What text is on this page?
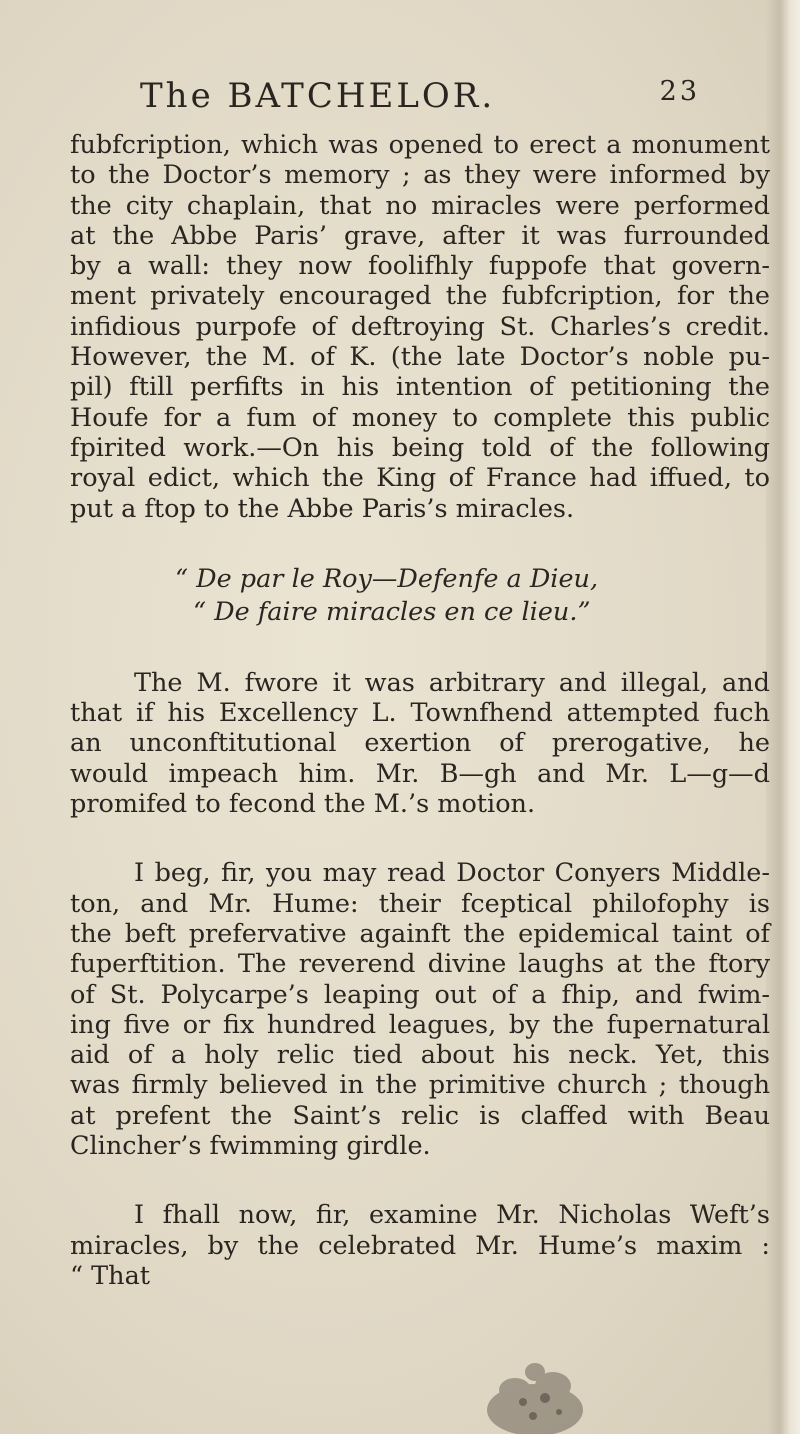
The BATCHELOR.	23
fubfcription, which was opened to erect a monument
to the Doctor’s memory ; as they were informed by
the city chaplain, that no miracles were performed
at the Abbe Paris’ grave, after it was furrounded
by a wall: they now foolifhly fuppofe that govern-
ment privately encouraged the fubfcription, for the
infidious purpofe of deftroying St. Charles’s credit.
However, the M. of K. (the late Doctor’s noble pu-
pil) ftill perfifts in his intention of petitioning the
Houfe for a fum of money to complete this public
fpirited work.—On his being told of the following
royal edict, which the King of France had iffued, to
put a ftop to the Abbe Paris’s miracles.
“ De par le Roy—Defenfe a Dieu,
“ De faire miracles en ce lieu.”
The M. fwore it was arbitrary and illegal, and
that if his Excellency L. Townfhend attempted fuch
an unconftitutional exertion of prerogative, he
would impeach him. Mr. B—gh and Mr. L—g—d
promifed to fecond the M.’s motion.
I beg, fir, you may read Doctor Conyers Middle-
ton, and Mr. Hume: their fceptical philofophy is
the beft prefervative againft the epidemical taint of
fuperftition. The reverend divine laughs at the ftory
of St. Polycarpe’s leaping out of a fhip, and fwim-
ing five or fix hundred leagues, by the fupernatural
aid of a holy relic tied about his neck. Yet, this
was firmly believed in the primitive church ; though
at prefent the Saint’s relic is claffed with Beau
Clincher’s fwimming girdle.
I fhall now, fir, examine Mr. Nicholas Weft’s
miracles, by the celebrated Mr. Hume’s maxim :
“ That
